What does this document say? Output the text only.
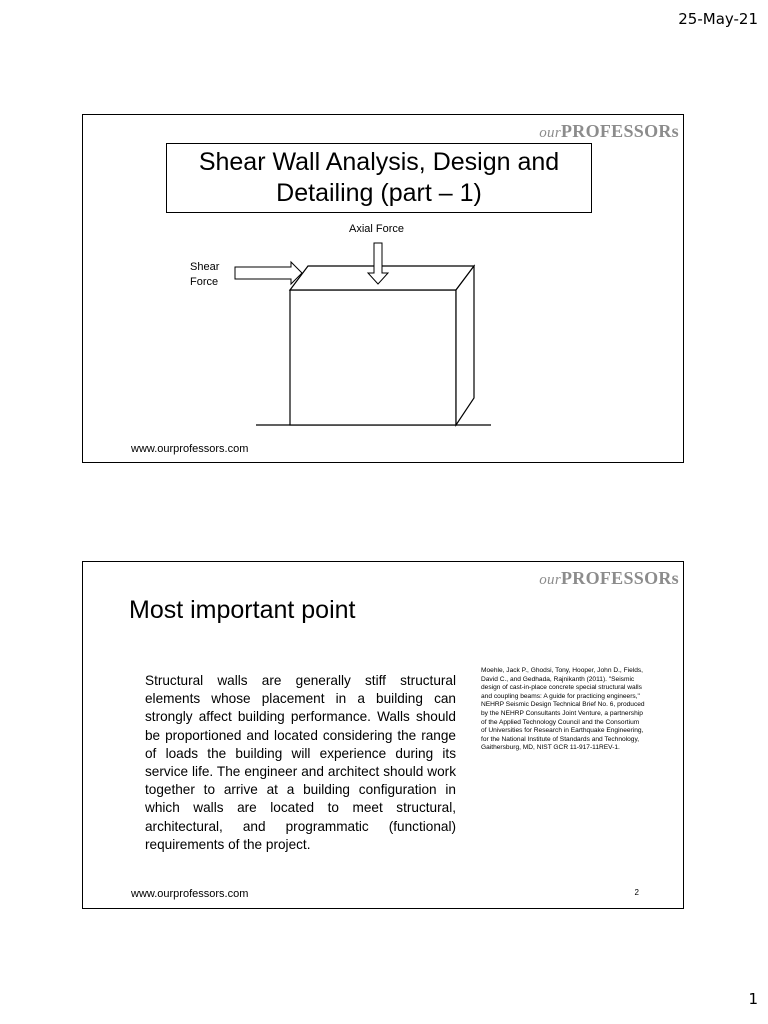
25-May-21
ourPROFESSORs
Shear Wall Analysis, Design and Detailing (part – 1)
Axial Force
Shear
Force
www.ourprofessors.com
ourPROFESSORs
Most important point
Structural walls are generally stiff structural elements whose placement in a building can strongly affect building performance. Walls should be proportioned and located considering the range of loads the building will experience during its service life. The engineer and architect should work together to arrive at a building configuration in which walls are located to meet structural, architectural, and programmatic (functional) requirements of the project.
Moehle, Jack P., Ghodsi, Tony, Hooper, John D., Fields, David C., and Gedhada, Rajnikanth (2011). "Seismic design of cast-in-place concrete special structural walls and coupling beams: A guide for practicing engineers," NEHRP Seismic Design Technical Brief No. 6, produced by the NEHRP Consultants Joint Venture, a partnership of the Applied Technology Council and the Consortium of Universities for Research in Earthquake Engineering, for the National Institute of Standards and Technology, Gaithersburg, MD, NIST GCR 11-917-11REV-1.
www.ourprofessors.com	2
1
